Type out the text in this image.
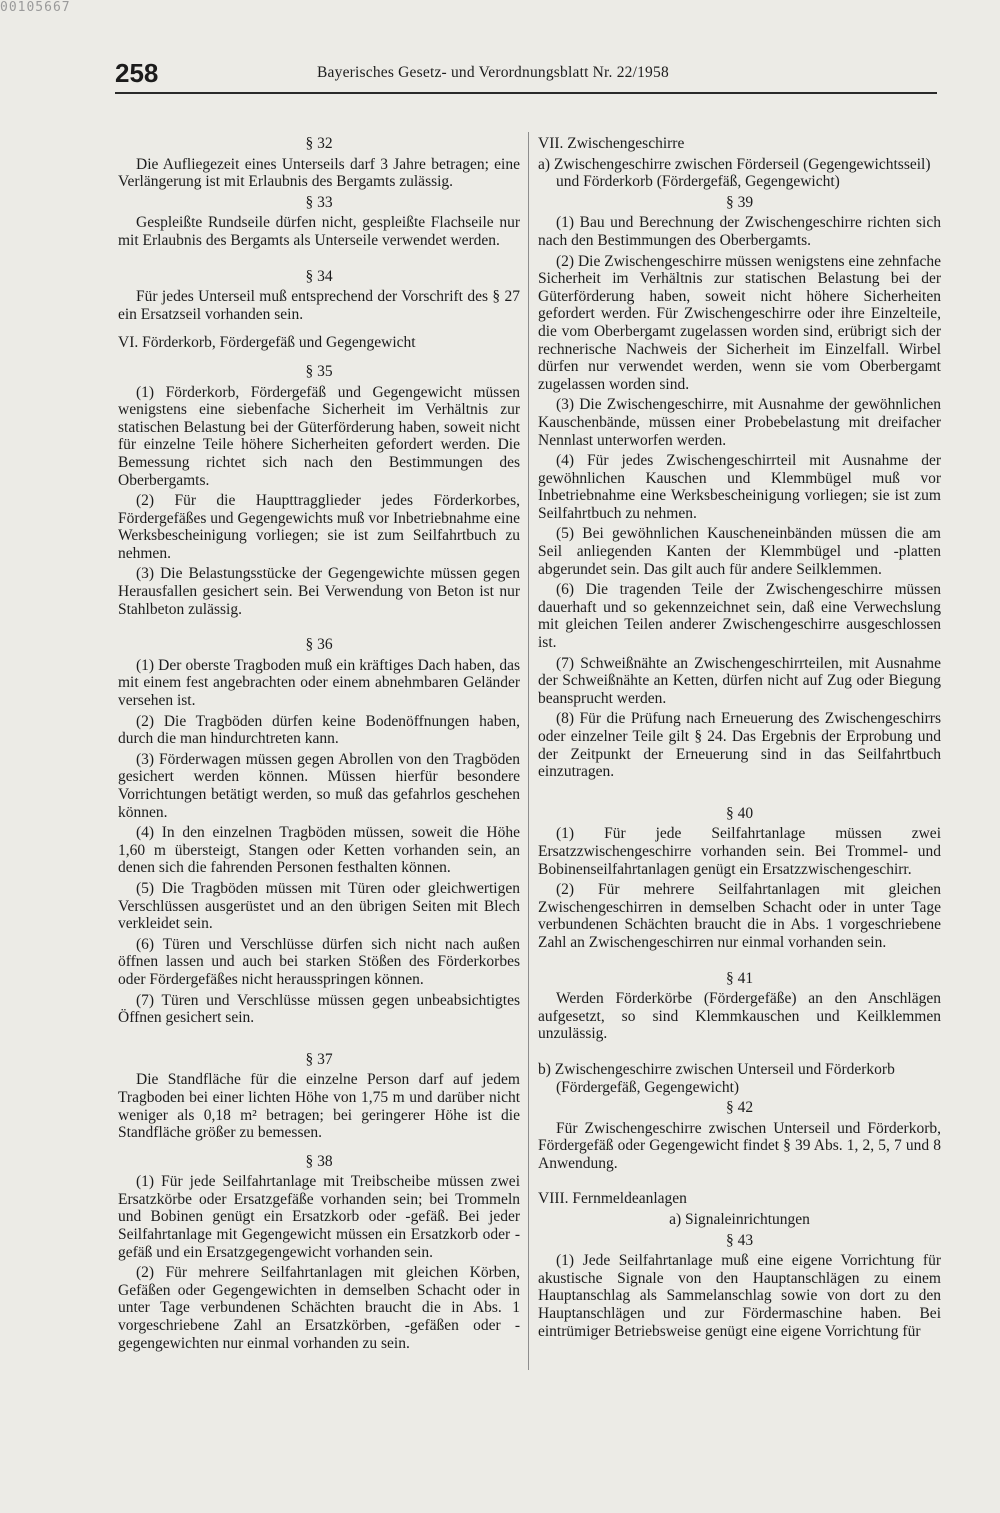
00105667
258	Bayerisches Gesetz- und Verordnungsblatt Nr. 22/1958

§ 32

Die Aufliegezeit eines Unterseils darf 3 Jahre betragen; eine Verlängerung ist mit Erlaubnis des Bergamts zulässig.

§ 33

Gespleißte Rundseile dürfen nicht, gespleißte Flachseile nur mit Erlaubnis des Bergamts als Unterseile verwendet werden.

§ 34

Für jedes Unterseil muß entsprechend der Vorschrift des § 27 ein Ersatzseil vorhanden sein.

VI. Förderkorb, Fördergefäß und Gegengewicht

§ 35

(1) Förderkorb, Fördergefäß und Gegengewicht müssen wenigstens eine siebenfache Sicherheit im Verhältnis zur statischen Belastung bei der Güterförderung haben, soweit nicht für einzelne Teile höhere Sicherheiten gefordert werden. Die Bemessung richtet sich nach den Bestimmungen des Oberbergamts.

(2) Für die Haupttragglieder jedes Förderkorbes, Fördergefäßes und Gegengewichts muß vor Inbetriebnahme eine Werksbescheinigung vorliegen; sie ist zum Seilfahrtbuch zu nehmen.

(3) Die Belastungsstücke der Gegengewichte müssen gegen Herausfallen gesichert sein. Bei Verwendung von Beton ist nur Stahlbeton zulässig.

§ 36

(1) Der oberste Tragboden muß ein kräftiges Dach haben, das mit einem fest angebrachten oder einem abnehmbaren Geländer versehen ist.

(2) Die Tragböden dürfen keine Bodenöffnungen haben, durch die man hindurchtreten kann.

(3) Förderwagen müssen gegen Abrollen von den Tragböden gesichert werden können. Müssen hierfür besondere Vorrichtungen betätigt werden, so muß das gefahrlos geschehen können.

(4) In den einzelnen Tragböden müssen, soweit die Höhe 1,60 m übersteigt, Stangen oder Ketten vorhanden sein, an denen sich die fahrenden Personen festhalten können.

(5) Die Tragböden müssen mit Türen oder gleichwertigen Verschlüssen ausgerüstet und an den übrigen Seiten mit Blech verkleidet sein.

(6) Türen und Verschlüsse dürfen sich nicht nach außen öffnen lassen und auch bei starken Stößen des Förderkorbes oder Fördergefäßes nicht herausspringen können.

(7) Türen und Verschlüsse müssen gegen unbeabsichtigtes Öffnen gesichert sein.

§ 37

Die Standfläche für die einzelne Person darf auf jedem Tragboden bei einer lichten Höhe von 1,75 m und darüber nicht weniger als 0,18 m² betragen; bei geringerer Höhe ist die Standfläche größer zu bemessen.

§ 38

(1) Für jede Seilfahrtanlage mit Treibscheibe müssen zwei Ersatzkörbe oder Ersatzgefäße vorhanden sein; bei Trommeln und Bobinen genügt ein Ersatzkorb oder -gefäß. Bei jeder Seilfahrtanlage mit Gegengewicht müssen ein Ersatzkorb oder -gefäß und ein Ersatzgegengewicht vorhanden sein.

(2) Für mehrere Seilfahrtanlagen mit gleichen Körben, Gefäßen oder Gegengewichten in demselben Schacht oder in unter Tage verbundenen Schächten braucht die in Abs. 1 vorgeschriebene Zahl an Ersatzkörben, -gefäßen oder -gegengewichten nur einmal vorhanden zu sein.

VII. Zwischengeschirre

a) Zwischengeschirre zwischen Förderseil (Gegengewichtsseil) und Förderkorb (Fördergefäß, Gegengewicht)

§ 39

(1) Bau und Berechnung der Zwischengeschirre richten sich nach den Bestimmungen des Oberbergamts.

(2) Die Zwischengeschirre müssen wenigstens eine zehnfache Sicherheit im Verhältnis zur statischen Belastung bei der Güterförderung haben, soweit nicht höhere Sicherheiten gefordert werden. Für Zwischengeschirre oder ihre Einzelteile, die vom Oberbergamt zugelassen worden sind, erübrigt sich der rechnerische Nachweis der Sicherheit im Einzelfall. Wirbel dürfen nur verwendet werden, wenn sie vom Oberbergamt zugelassen worden sind.

(3) Die Zwischengeschirre, mit Ausnahme der gewöhnlichen Kauschenbände, müssen einer Probebelastung mit dreifacher Nennlast unterworfen werden.

(4) Für jedes Zwischengeschirrteil mit Ausnahme der gewöhnlichen Kauschen und Klemmbügel muß vor Inbetriebnahme eine Werksbescheinigung vorliegen; sie ist zum Seilfahrtbuch zu nehmen.

(5) Bei gewöhnlichen Kauscheneinbänden müssen die am Seil anliegenden Kanten der Klemmbügel und -platten abgerundet sein. Das gilt auch für andere Seilklemmen.

(6) Die tragenden Teile der Zwischengeschirre müssen dauerhaft und so gekennzeichnet sein, daß eine Verwechslung mit gleichen Teilen anderer Zwischengeschirre ausgeschlossen ist.

(7) Schweißnähte an Zwischengeschirrteilen, mit Ausnahme der Schweißnähte an Ketten, dürfen nicht auf Zug oder Biegung beansprucht werden.

(8) Für die Prüfung nach Erneuerung des Zwischengeschirrs oder einzelner Teile gilt § 24. Das Ergebnis der Erprobung und der Zeitpunkt der Erneuerung sind in das Seilfahrtbuch einzutragen.

§ 40

(1) Für jede Seilfahrtanlage müssen zwei Ersatzzwischengeschirre vorhanden sein. Bei Trommel- und Bobinenseilfahrtanlagen genügt ein Ersatzzwischengeschirr.

(2) Für mehrere Seilfahrtanlagen mit gleichen Zwischengeschirren in demselben Schacht oder in unter Tage verbundenen Schächten braucht die in Abs. 1 vorgeschriebene Zahl an Zwischengeschirren nur einmal vorhanden sein.

§ 41

Werden Förderkörbe (Fördergefäße) an den Anschlägen aufgesetzt, so sind Klemmkauschen und Keilklemmen unzulässig.

b) Zwischengeschirre zwischen Unterseil und Förderkorb (Fördergefäß, Gegengewicht)

§ 42

Für Zwischengeschirre zwischen Unterseil und Förderkorb, Fördergefäß oder Gegengewicht findet § 39 Abs. 1, 2, 5, 7 und 8 Anwendung.

VIII. Fernmeldeanlagen

a) Signaleinrichtungen

§ 43

(1) Jede Seilfahrtanlage muß eine eigene Vorrichtung für akustische Signale von den Hauptanschlägen zu einem Hauptanschlag als Sammelanschlag sowie von dort zu den Hauptanschlägen und zur Fördermaschine haben. Bei eintrümiger Betriebsweise genügt eine eigene Vorrichtung für
